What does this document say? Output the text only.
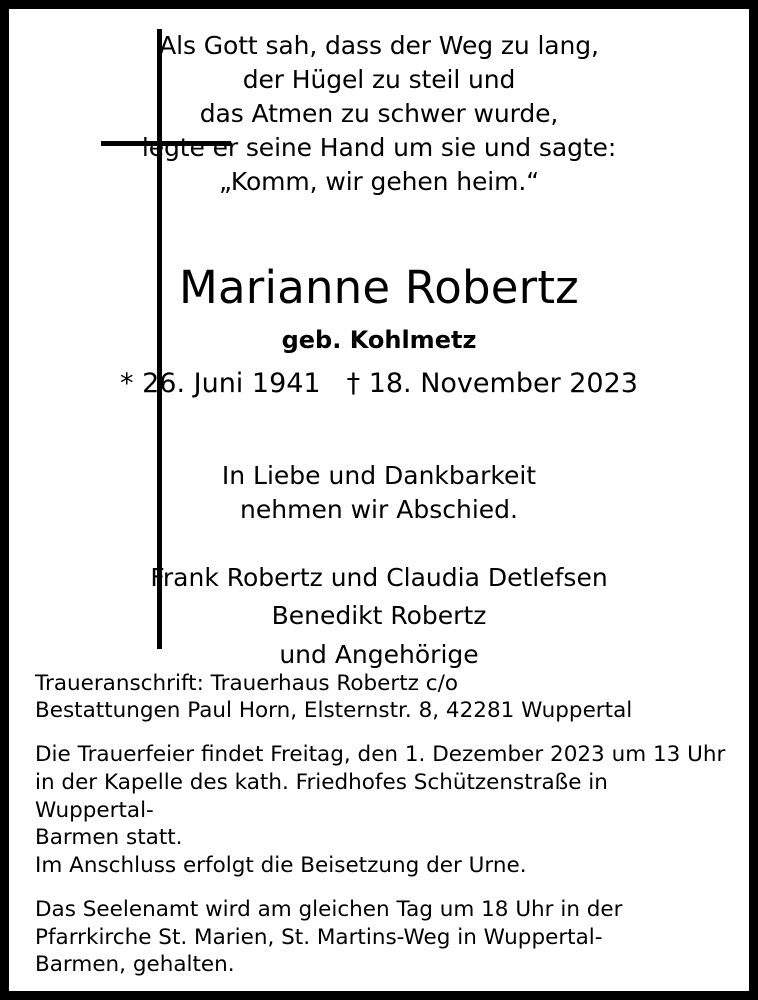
Als Gott sah, dass der Weg zu lang,
der Hügel zu steil und
das Atmen zu schwer wurde,
legte er seine Hand um sie und sagte:
„Komm, wir gehen heim.“
Marianne Robertz
geb. Kohlmetz
* 26. Juni 1941 † 18. November 2023
In Liebe und Dankbarkeit
nehmen wir Abschied.
Frank Robertz und Claudia Detlefsen
Benedikt Robertz
und Angehörige
Traueranschrift: Trauerhaus Robertz c/o
Bestattungen Paul Horn, Elsternstr. 8, 42281 Wuppertal
Die Trauerfeier findet Freitag, den 1. Dezember 2023 um 13 Uhr
in der Kapelle des kath. Friedhofes Schützenstraße in Wuppertal-
Barmen statt.
Im Anschluss erfolgt die Beisetzung der Urne.
Das Seelenamt wird am gleichen Tag um 18 Uhr in der
Pfarrkirche St. Marien, St. Martins-Weg in Wuppertal-
Barmen, gehalten.
